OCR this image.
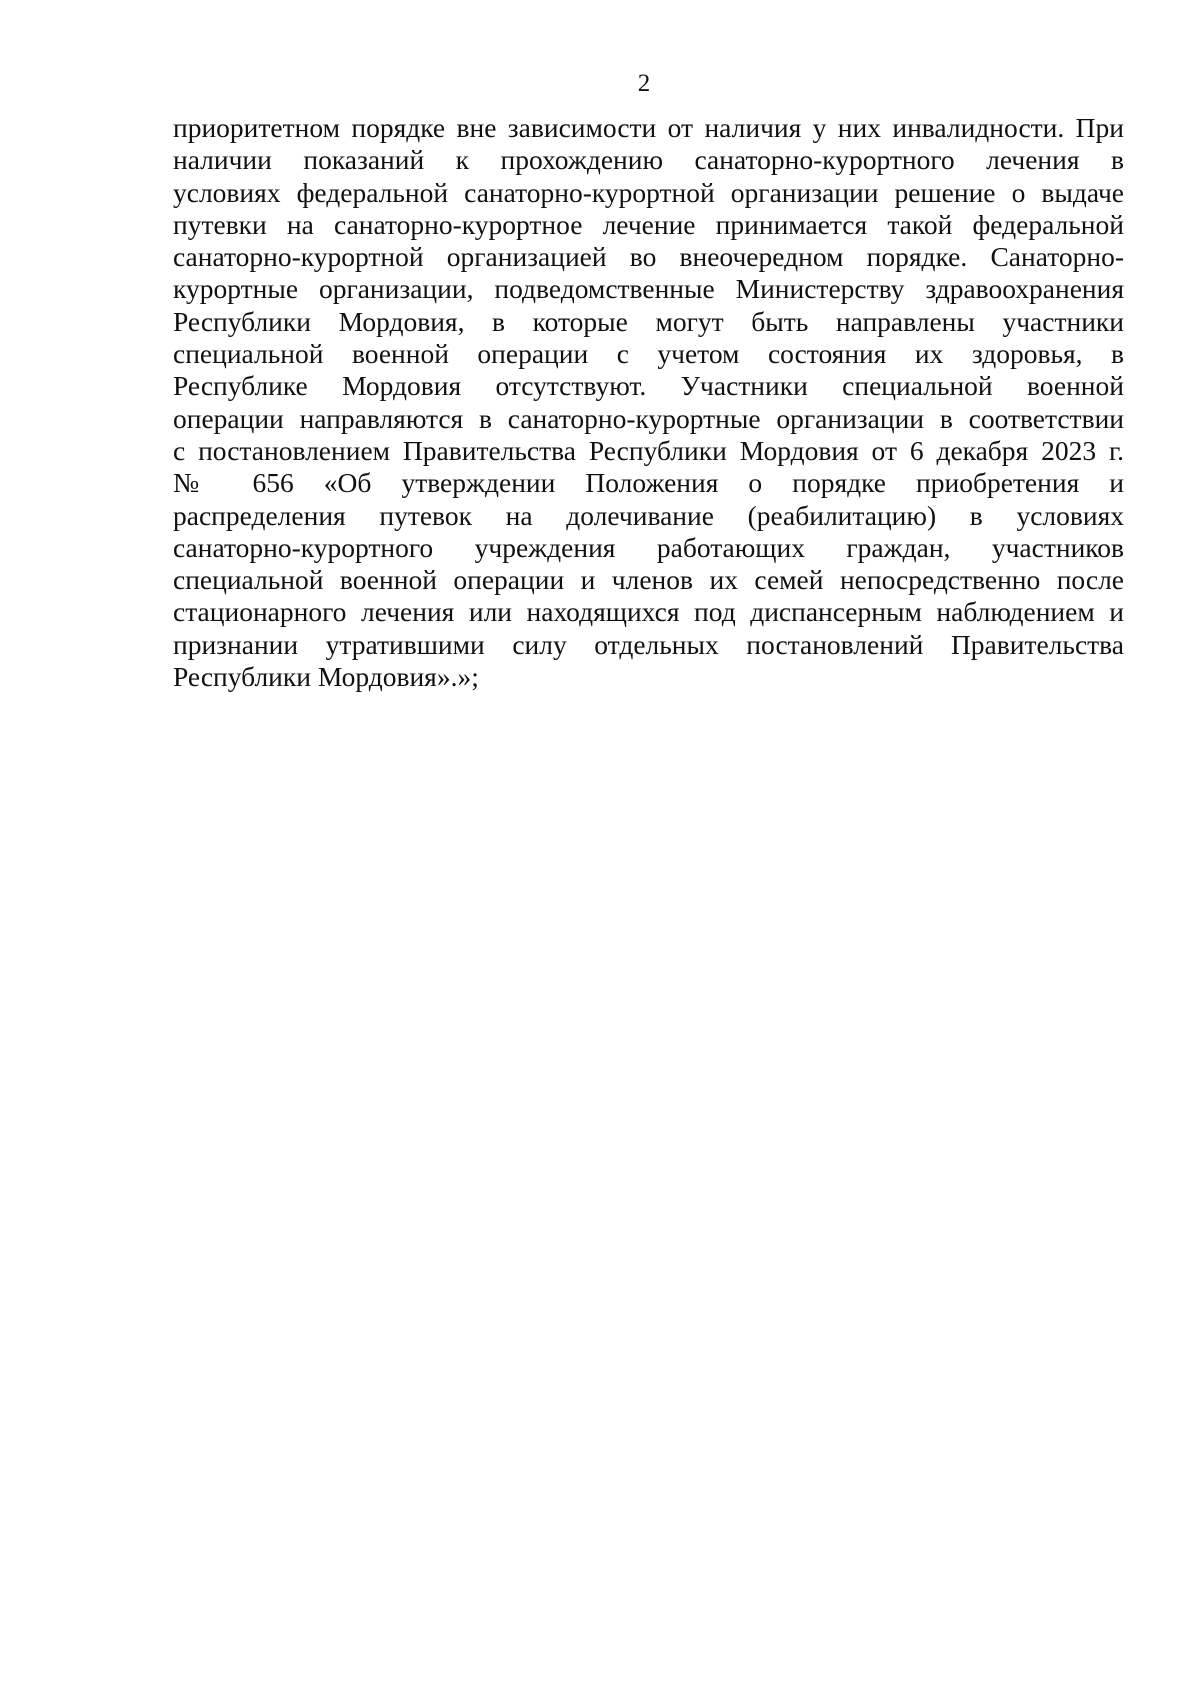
2
приоритетном порядке вне зависимости от наличия у них инвалидности. При
наличии показаний к прохождению санаторно-курортного лечения в
условиях федеральной санаторно-курортной организации решение о выдаче
путевки на санаторно-курортное лечение принимается такой федеральной
санаторно-курортной организацией во внеочередном порядке. Санаторно-
курортные организации, подведомственные Министерству здравоохранения
Республики Мордовия, в которые могут быть направлены участники
специальной военной операции с учетом состояния их здоровья, в
Республике Мордовия отсутствуют. Участники специальной военной
операции направляются в санаторно-курортные организации в соответствии
с постановлением Правительства Республики Мордовия от 6 декабря 2023 г.
№ 656 «Об утверждении Положения о порядке приобретения и
распределения путевок на долечивание (реабилитацию) в условиях
санаторно-курортного учреждения работающих граждан, участников
специальной военной операции и членов их семей непосредственно после
стационарного лечения или находящихся под диспансерным наблюдением и
признании утратившими силу отдельных постановлений Правительства
Республики Мордовия».»;
